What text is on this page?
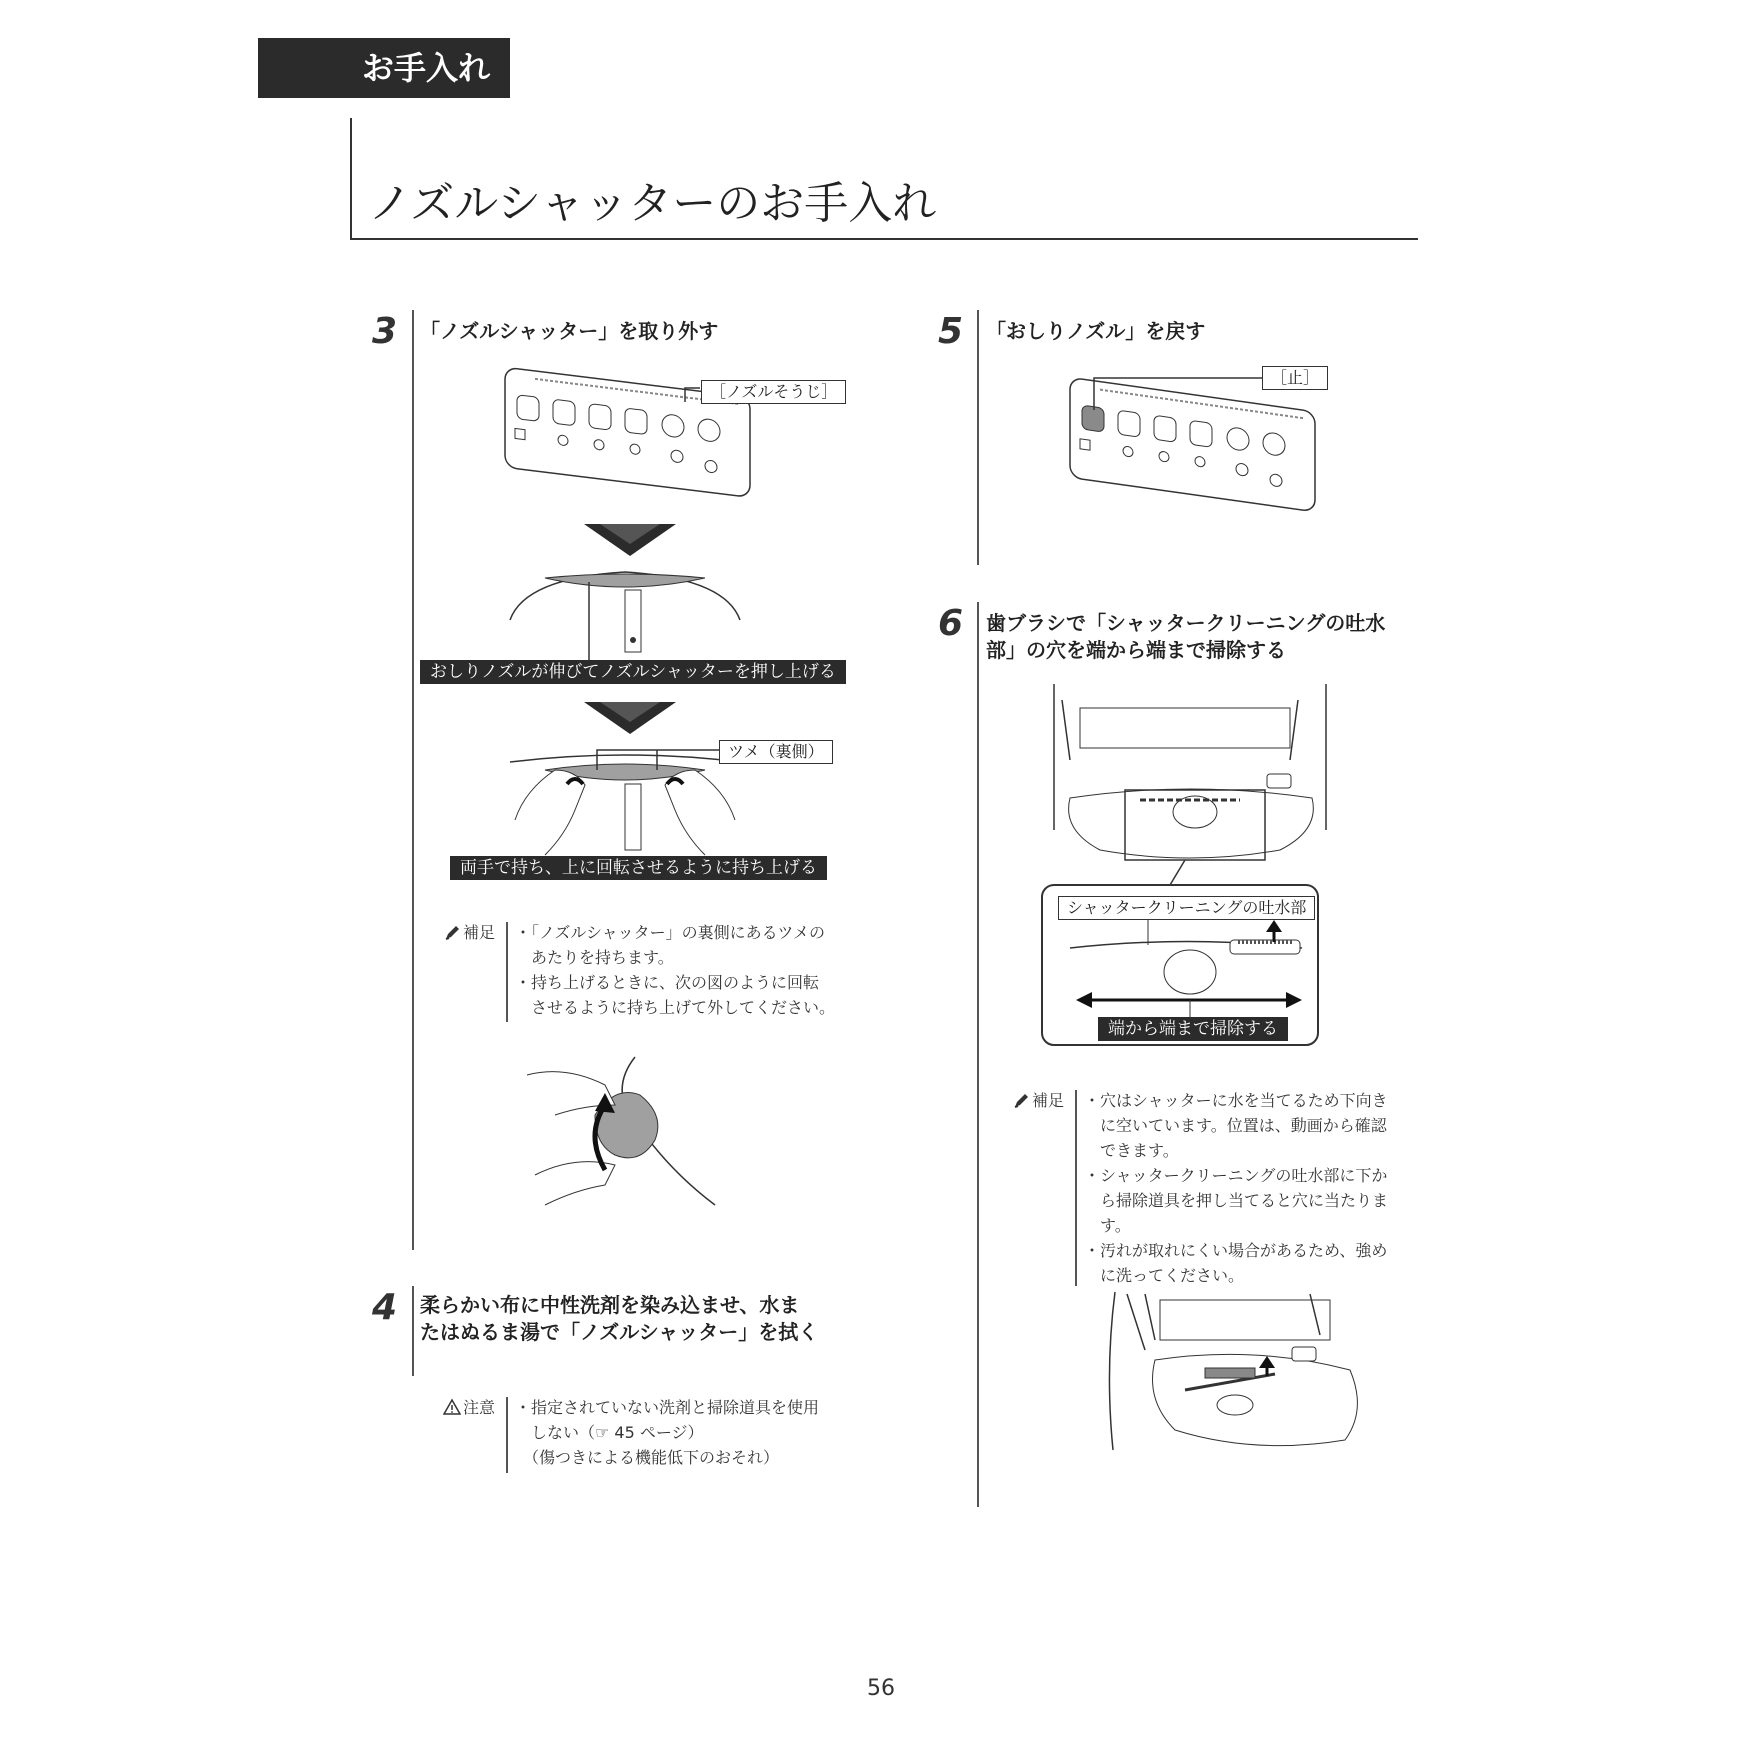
お手入れ
ノズルシャッターのお手入れ
3 「ノズルシャッター」を取り外す
［ノズルそうじ］
おしりノズルが伸びてノズルシャッターを押し上げる
ツメ（裏側）
両手で持ち、上に回転させるように持ち上げる
補足 ・「ノズルシャッター」の裏側にあるツメの
　あたりを持ちます。
・持ち上げるときに、次の図のように回転
　させるように持ち上げて外してください。
4 柔らかい布に中性洗剤を染み込ませ、水ま
たはぬるま湯で「ノズルシャッター」を拭く
注意 ・指定されていない洗剤と掃除道具を使用
　しない（☞ 45 ページ）
　（傷つきによる機能低下のおそれ）
5 「おしりノズル」を戻す
［止］
6 歯ブラシで「シャッタークリーニングの吐水
部」の穴を端から端まで掃除する
シャッタークリーニングの吐水部
端から端まで掃除する
補足 ・穴はシャッターに水を当てるため下向き
　に空いています。位置は、動画から確認
　できます。
・シャッタークリーニングの吐水部に下か
　ら掃除道具を押し当てると穴に当たりま
　す。
・汚れが取れにくい場合があるため、強め
　に洗ってください。
56
